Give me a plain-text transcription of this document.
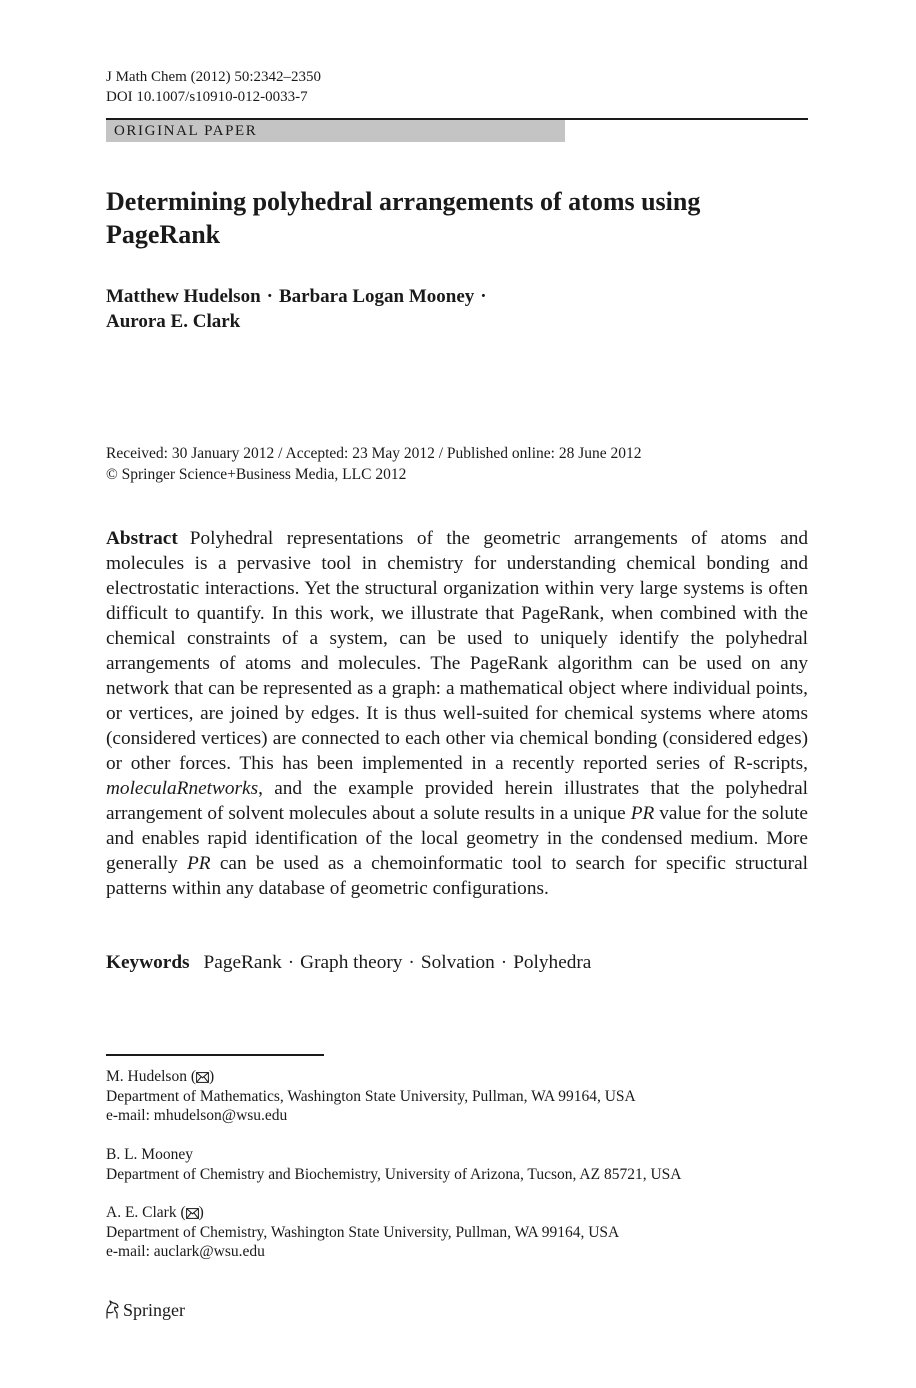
J Math Chem (2012) 50:2342–2350
DOI 10.1007/s10910-012-0033-7
ORIGINAL PAPER
Determining polyhedral arrangements of atoms using PageRank
Matthew Hudelson · Barbara Logan Mooney ·
Aurora E. Clark
Received: 30 January 2012 / Accepted: 23 May 2012 / Published online: 28 June 2012
© Springer Science+Business Media, LLC 2012
Abstract Polyhedral representations of the geometric arrangements of atoms and molecules is a pervasive tool in chemistry for understanding chemical bonding and electrostatic interactions. Yet the structural organization within very large systems is often difficult to quantify. In this work, we illustrate that PageRank, when combined with the chemical constraints of a system, can be used to uniquely identify the polyhedral arrangements of atoms and molecules. The PageRank algorithm can be used on any network that can be represented as a graph: a mathematical object where individual points, or vertices, are joined by edges. It is thus well-suited for chemical systems where atoms (considered vertices) are connected to each other via chemical bonding (considered edges) or other forces. This has been implemented in a recently reported series of R-scripts, moleculaRnetworks, and the example provided herein illustrates that the polyhedral arrangement of solvent molecules about a solute results in a unique PR value for the solute and enables rapid identification of the local geometry in the condensed medium. More generally PR can be used as a chemoinformatic tool to search for specific structural patterns within any database of geometric configurations.
Keywords PageRank · Graph theory · Solvation · Polyhedra
M. Hudelson ( )
Department of Mathematics, Washington State University, Pullman, WA 99164, USA
e-mail: mhudelson@wsu.edu
B. L. Mooney
Department of Chemistry and Biochemistry, University of Arizona, Tucson, AZ 85721, USA
A. E. Clark ( )
Department of Chemistry, Washington State University, Pullman, WA 99164, USA
e-mail: auclark@wsu.edu
Springer
